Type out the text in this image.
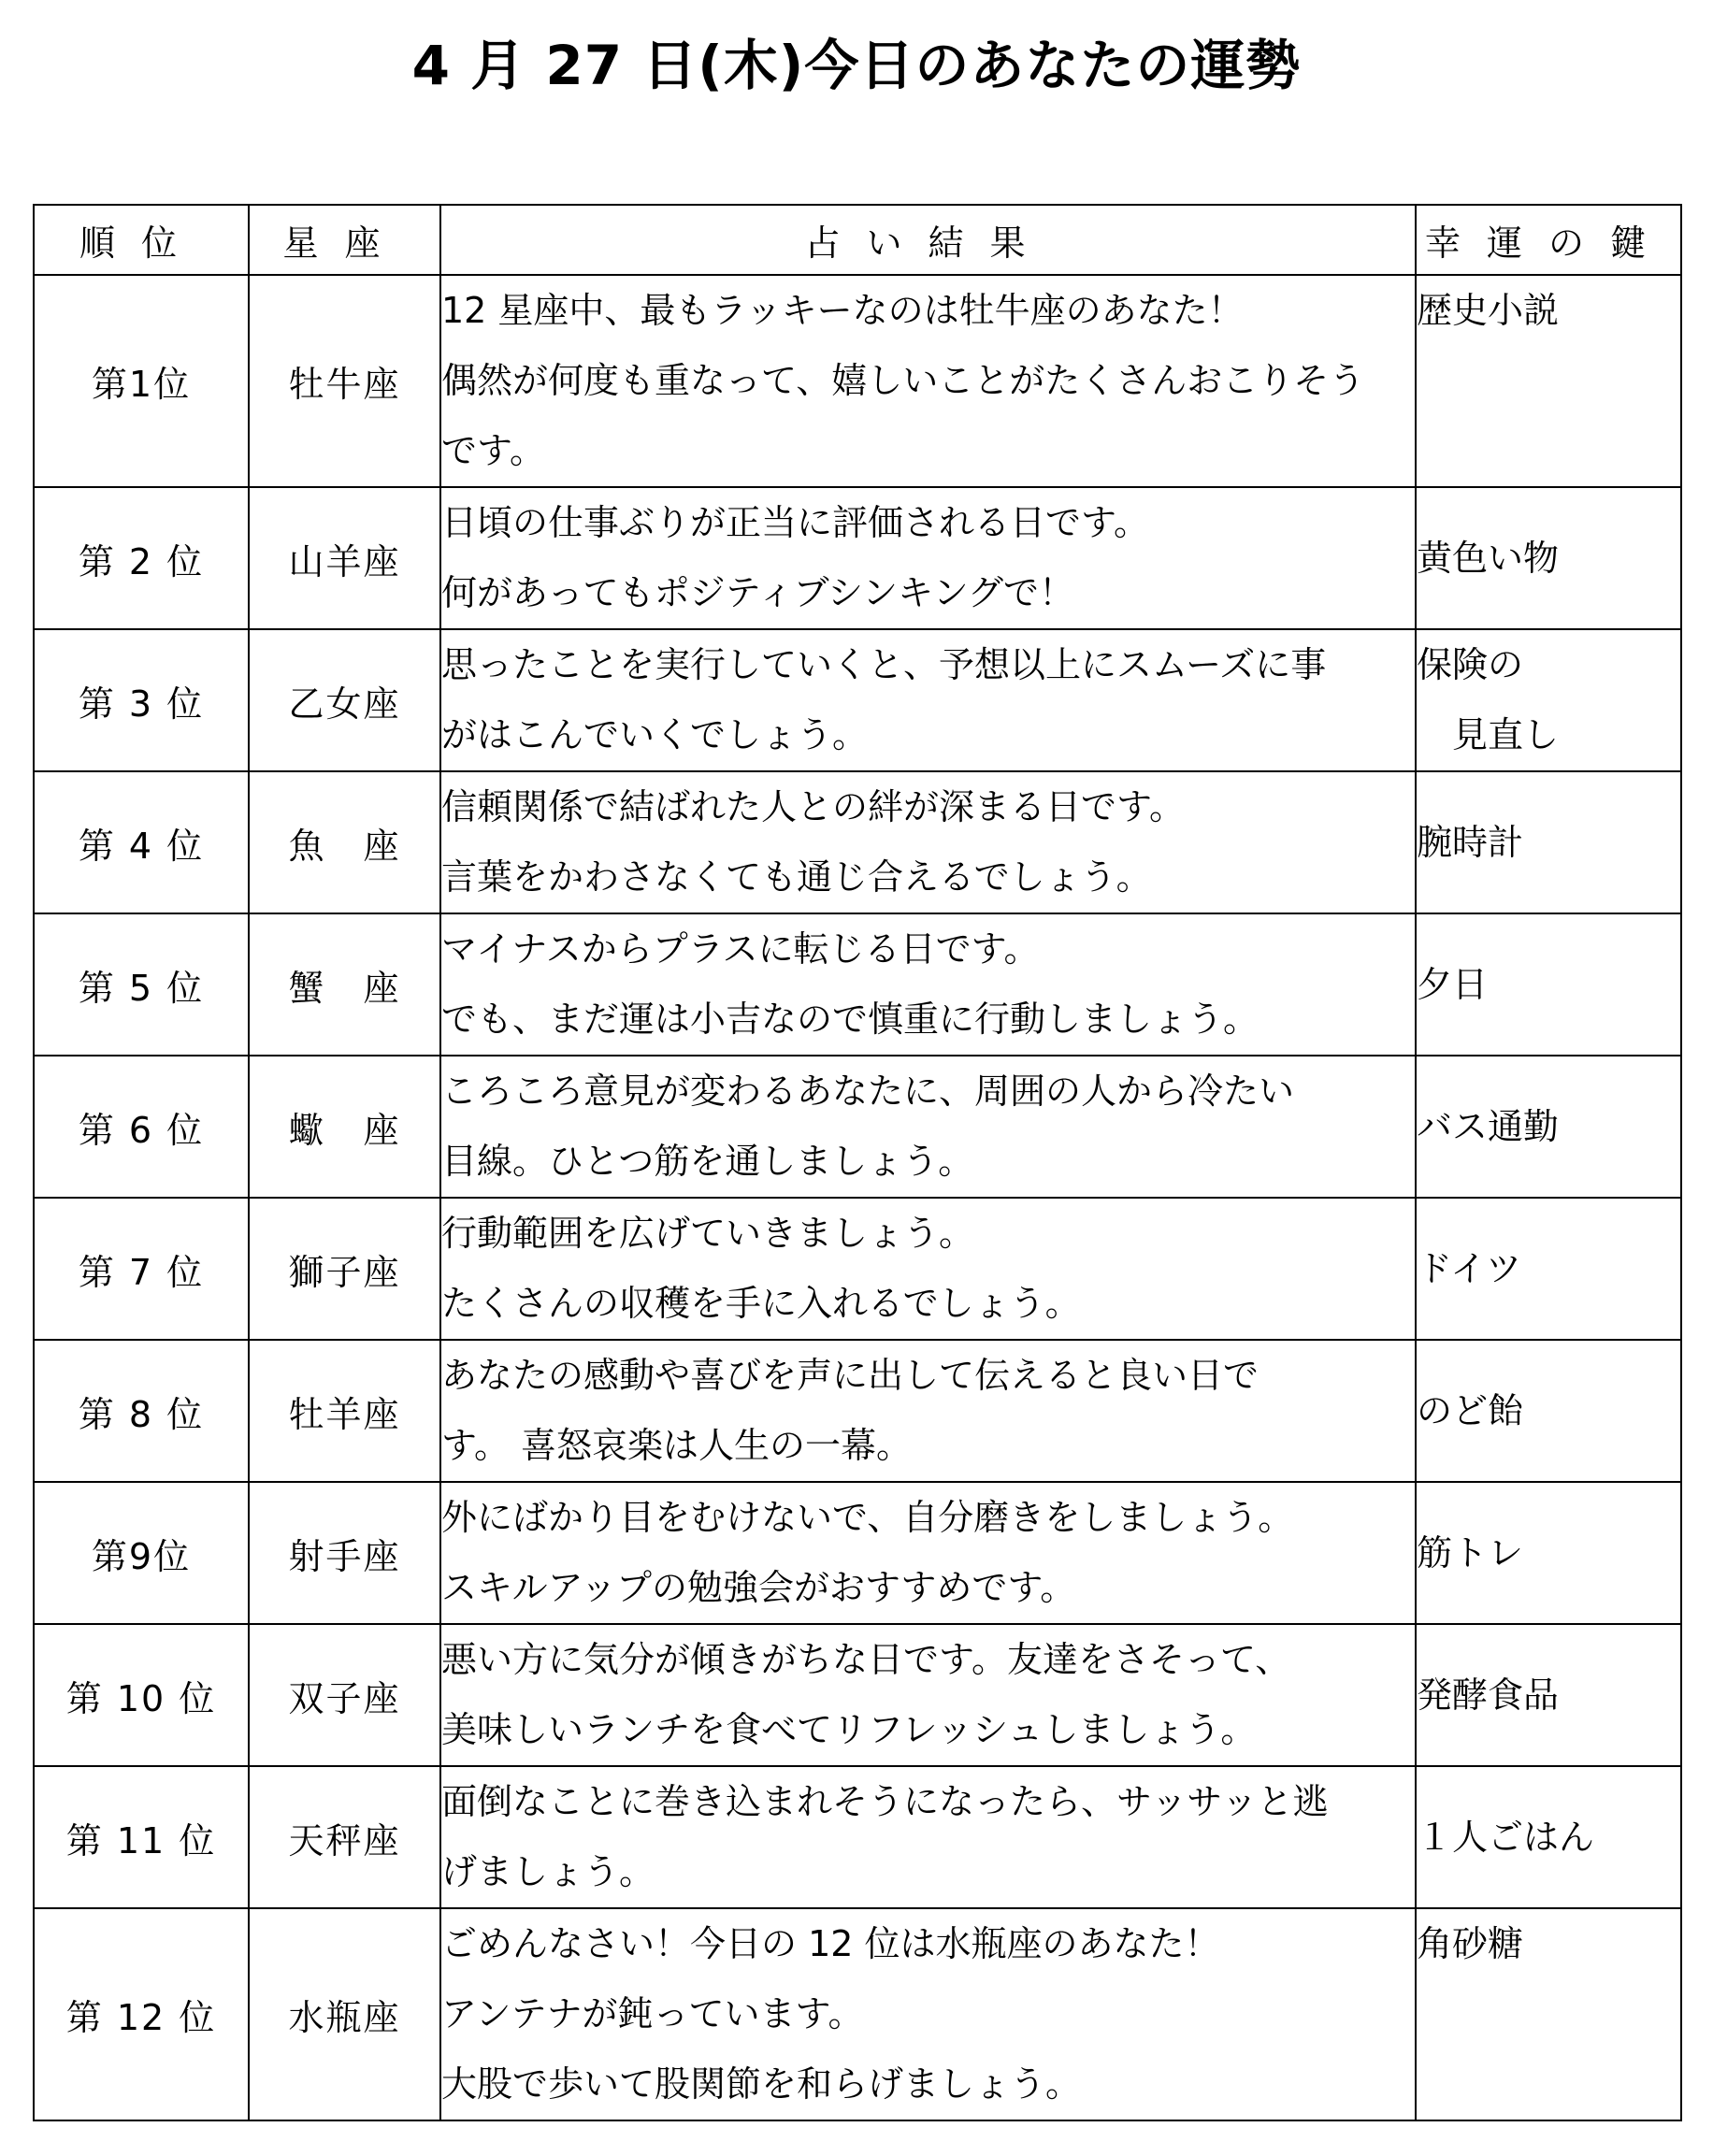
4 月 27 日(木)今日のあなたの運勢
順位	星座	占い結果	幸運の鍵
第1位	牡牛座	12 星座中、最もラッキーなのは牡牛座のあなた！
偶然が何度も重なって、嬉しいことがたくさんおこりそう
です。	歴史小説
第 2 位	山羊座	日頃の仕事ぶりが正当に評価される日です。
何があってもポジティブシンキングで！	黄色い物
第 3 位	乙女座	思ったことを実行していくと、予想以上にスムーズに事
がはこんでいくでしょう。	保険の
　見直し
第 4 位	魚　座	信頼関係で結ばれた人との絆が深まる日です。
言葉をかわさなくても通じ合えるでしょう。	腕時計
第 5 位	蟹　座	マイナスからプラスに転じる日です。
でも、まだ運は小吉なので慎重に行動しましょう。	夕日
第 6 位	蠍　座	ころころ意見が変わるあなたに、周囲の人から冷たい
目線。ひとつ筋を通しましょう。	バス通勤
第 7 位	獅子座	行動範囲を広げていきましょう。
たくさんの収穫を手に入れるでしょう。	ドイツ
第 8 位	牡羊座	あなたの感動や喜びを声に出して伝えると良い日で
す。 喜怒哀楽は人生の一幕。	のど飴
第9位	射手座	外にばかり目をむけないで、自分磨きをしましょう。
スキルアップの勉強会がおすすめです。	筋トレ
第 10 位	双子座	悪い方に気分が傾きがちな日です。友達をさそって、
美味しいランチを食べてリフレッシュしましょう。	発酵食品
第 11 位	天秤座	面倒なことに巻き込まれそうになったら、サッサッと逃
げましょう。	１人ごはん
第 12 位	水瓶座	ごめんなさい！今日の 12 位は水瓶座のあなた！
アンテナが鈍っています。
大股で歩いて股関節を和らげましょう。	角砂糖
